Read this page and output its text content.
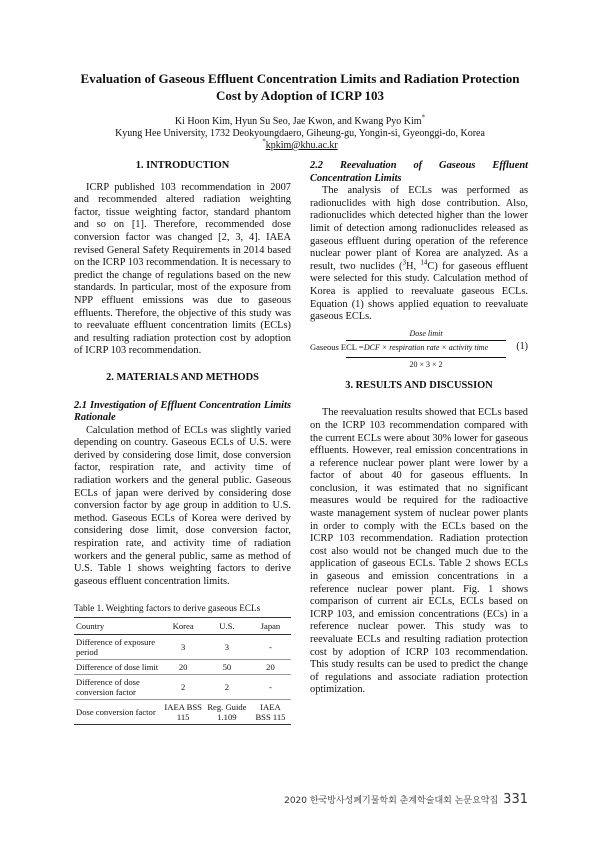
Evaluation of Gaseous Effluent Concentration Limits and Radiation Protection
Cost by Adoption of ICRP 103
Ki Hoon Kim, Hyun Su Seo, Jae Kwon, and Kwang Pyo Kim*
Kyung Hee University, 1732 Deokyoungdaero, Giheung-gu, Yongin-si, Gyeonggi-do, Korea
*kpkim@khu.ac.kr
1. INTRODUCTION

ICRP published 103 recommendation in 2007 and recommended altered radiation weighting factor, tissue weighting factor, standard phantom and so on [1]. Therefore, recommended dose conversion factor was changed [2, 3, 4]. IAEA revised General Safety Requirements in 2014 based on the ICRP 103 recommendation. It is necessary to predict the change of regulations based on the new standards. In particular, most of the exposure from NPP effluent emissions was due to gaseous effluents. Therefore, the objective of this study was to reevaluate effluent concentration limits (ECLs) and resulting radiation protection cost by adoption of ICRP 103 recommendation.

2. MATERIALS AND METHODS

2.1 Investigation of Effluent Concentration Limits Rationale

Calculation method of ECLs was slightly varied depending on country. Gaseous ECLs of U.S. were derived by considering dose limit, dose conversion factor, respiration rate, and activity time of radiation workers and the general public. Gaseous ECLs of japan were derived by considering dose conversion factor by age group in addition to U.S. method. Gaseous ECLs of Korea were derived by considering dose limit, dose conversion factor, respiration rate, and activity time of radiation workers and the general public, same as method of U.S. Table 1 shows weighting factors to derive gaseous effluent concentration limits.

Table 1. Weighting factors to derive gaseous ECLs
Country	Korea	U.S.	Japan
Difference of exposure period	3	3	-
Difference of dose limit	20	50	20
Difference of dose conversion factor	2	2	-
Dose conversion factor	IAEA BSS 115	Reg. Guide 1.109	IAEA BSS 115

2.2 Reevaluation of Gaseous Effluent Concentration Limits

The analysis of ECLs was performed as radionuclides with high dose contribution. Also, radionuclides which detected higher than the lower limit of detection among radionuclides released as gaseous effluent during operation of the reference nuclear power plant of Korea are analyzed. As a result, two nuclides ($^3$H, $^{14}$C) for gaseous effluent were selected for this study. Calculation method of Korea is applied to reevaluate gaseous ECLs. Equation (1) shows applied equation to reevaluate gaseous ECLs.

Gaseous ECL =
Dose limit
DCF × respiration rate × activity time
20 × 3 × 2
(1)
3. RESULTS AND DISCUSSION

The reevaluation results showed that ECLs based on the ICRP 103 recommendation compared with the current ECLs were about 30% lower for gaseous effluents. However, real emission concentrations in a reference nuclear power plant were lower by a factor of about 40 for gaseous effluents. In conclusion, it was estimated that no significant measures would be required for the radioactive waste management system of nuclear power plants in order to comply with the ECLs based on the ICRP 103 recommendation. Radiation protection cost also would not be changed much due to the application of gaseous ECLs. Table 2 shows ECLs in gaseous and emission concentrations in a reference nuclear power plant. Fig. 1 shows comparison of current air ECLs, ECLs based on ICRP 103, and emission concentrations (ECs) in a reference nuclear power. This study was to reevaluate ECLs and resulting radiation protection cost by adoption of ICRP 103 recommendation. This study results can be used to predict the change of regulations and associate radiation protection optimization.

2020 한국방사성폐기물학회 춘계학술대회 논문요약집 331
